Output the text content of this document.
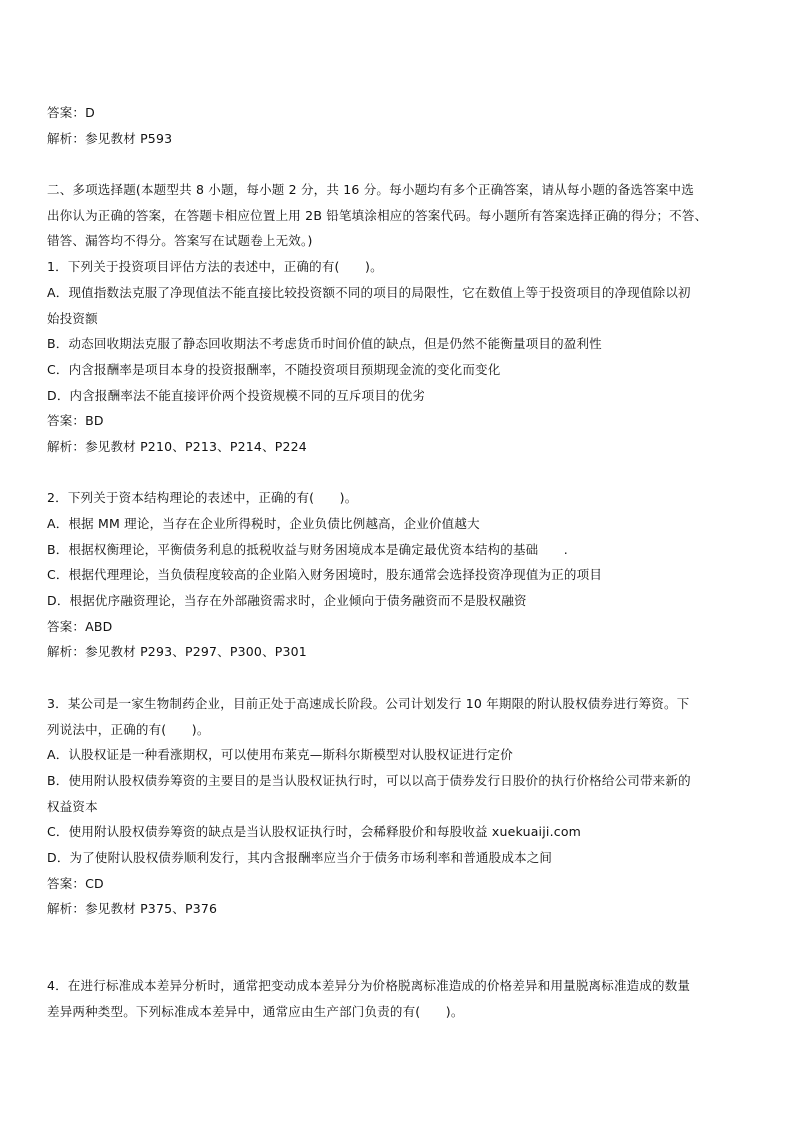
答案：D
解析：参见教材 P593
二、多项选择题(本题型共 8 小题，每小题 2 分，共 16 分。每小题均有多个正确答案，请从每小题的备选答案中选
出你认为正确的答案，在答题卡相应位置上用 2B 铅笔填涂相应的答案代码。每小题所有答案选择正确的得分；不答、
错答、漏答均不得分。答案写在试题卷上无效。)
1．下列关于投资项目评估方法的表述中，正确的有(　　)。
A．现值指数法克服了净现值法不能直接比较投资额不同的项目的局限性，它在数值上等于投资项目的净现值除以初
始投资额
B．动态回收期法克服了静态回收期法不考虑货币时间价值的缺点，但是仍然不能衡量项目的盈利性
C．内含报酬率是项目本身的投资报酬率，不随投资项目预期现金流的变化而变化
D．内含报酬率法不能直接评价两个投资规模不同的互斥项目的优劣
答案：BD
解析：参见教材 P210、P213、P214、P224
2．下列关于资本结构理论的表述中，正确的有(　　)。
A．根据 MM 理论，当存在企业所得税时，企业负债比例越高，企业价值越大
B．根据权衡理论，平衡债务利息的抵税收益与财务困境成本是确定最优资本结构的基础　　.
C．根据代理理论，当负债程度较高的企业陷入财务困境时，股东通常会选择投资净现值为正的项目
D．根据优序融资理论，当存在外部融资需求时，企业倾向于债务融资而不是股权融资
答案：ABD
解析：参见教材 P293、P297、P300、P301
3．某公司是一家生物制药企业，目前正处于高速成长阶段。公司计划发行 10 年期限的附认股权债券进行筹资。下
列说法中，正确的有(　　)。
A．认股权证是一种看涨期权，可以使用布莱克—斯科尔斯模型对认股权证进行定价
B．使用附认股权债券筹资的主要目的是当认股权证执行时，可以以高于债券发行日股价的执行价格给公司带来新的
权益资本
C．使用附认股权债券筹资的缺点是当认股权证执行时，会稀释股价和每股收益 xuekuaiji.com
D．为了使附认股权债券顺利发行，其内含报酬率应当介于债务市场利率和普通股成本之间
答案：CD
解析：参见教材 P375、P376
4．在进行标准成本差异分析时，通常把变动成本差异分为价格脱离标准造成的价格差异和用量脱离标准造成的数量
差异两种类型。下列标准成本差异中，通常应由生产部门负责的有(　　)。
